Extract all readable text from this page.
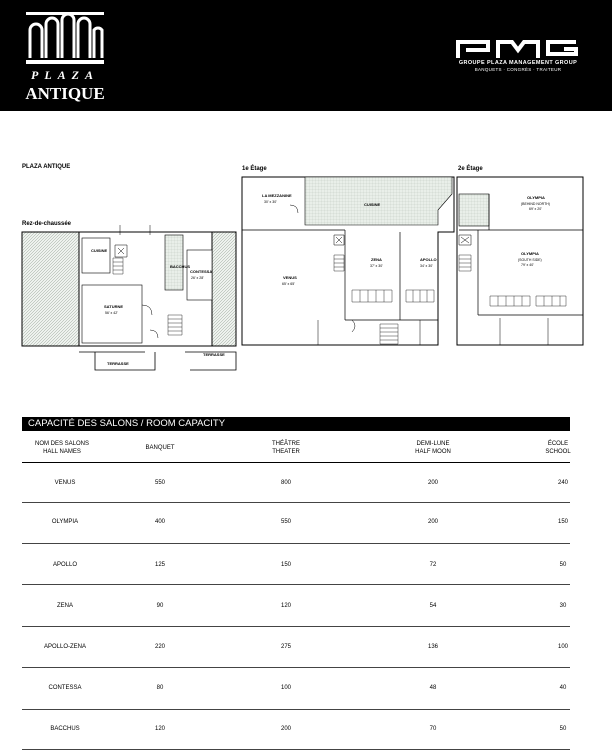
PLAZA
ANTIQUE
GROUPE PLAZA MANAGEMENT GROUP
BANQUETS · CONGRÈS · TRAITEUR
PLAZA ANTIQUE
Rez-de-chaussée
1e Étage	2e Étage
CUISINE
BACCHUS
CONTESSA
26' x 28'
SATURNE
56' x 42'
TERRASSE
TERRASSE
LA MEZZANINE
30' x 30'	CUISINE
VENUS
65' x 65'
ZENA
37' x 30'
APOLLO
34' x 30'
OLYMPIA
(BEHIND NORTH)
69' x 20'
OLYMPIA
(SOUTH SIDE)
79' x 40'
CAPACITÉ DES SALONS / ROOM CAPACITY
NOM DES SALONS
HALL NAMES
BANQUET
THÉÂTRE
THEATER
DEMI-LUNE
HALF MOON
ÉCOLE
SCHOOL
VENUS	550	800	200	240
OLYMPIA	400	550	200	150
APOLLO	125	150	72	50
ZENA	90	120	54	30
APOLLO-ZENA	220	275	136	100
CONTESSA	80	100	48	40
BACCHUS	120	200	70	50
